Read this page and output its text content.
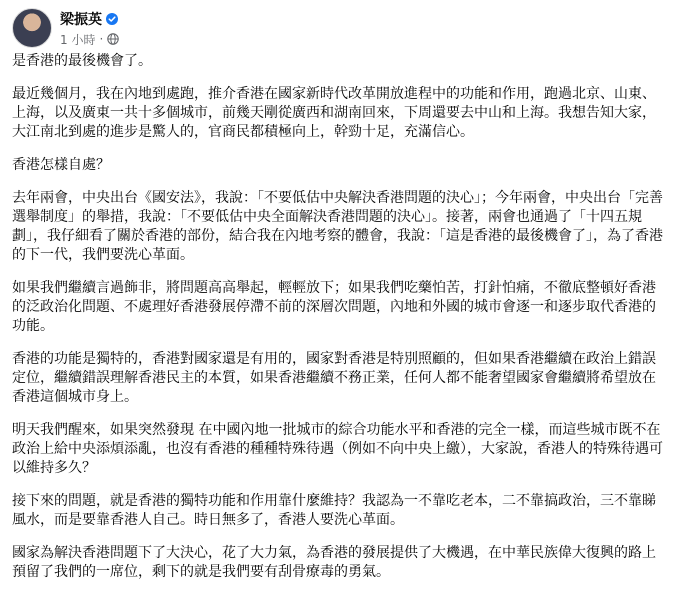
梁振英
1 小時 ·

是香港的最後機會了。

最近幾個月，我在內地到處跑，推介香港在國家新時代改革開放進程中的功能和作用，跑過北京、山東、上海，以及廣東一共十多個城市，前幾天剛從廣西和湖南回來，下周還要去中山和上海。我想告知大家，大江南北到處的進步是驚人的，官商民都積極向上，幹勁十足，充滿信心。

香港怎樣自處？

去年兩會，中央出台《國安法》，我說：「不要低估中央解決香港問題的決心」；今年兩會，中央出台「完善選舉制度」的舉措，我說：「不要低估中央全面解決香港問題的決心」。接著，兩會也通過了「十四五規劃」，我仔細看了關於香港的部份，結合我在內地考察的體會，我說：「這是香港的最後機會了」，為了香港的下一代，我們要洗心革面。

如果我們繼續言過飾非，將問題高高舉起，輕輕放下；如果我們吃藥怕苦，打針怕痛，不徹底整頓好香港的泛政治化問題、不處理好香港發展停滯不前的深層次問題，內地和外國的城市會逐一和逐步取代香港的功能。

香港的功能是獨特的，香港對國家還是有用的，國家對香港是特別照顧的，但如果香港繼續在政治上錯誤定位，繼續錯誤理解香港民主的本質，如果香港繼續不務正業，任何人都不能奢望國家會繼續將希望放在香港這個城市身上。

明天我們醒來，如果突然發現 在中國內地一批城市的綜合功能水平和香港的完全一樣，而這些城市既不在政治上給中央添煩添亂，也沒有香港的種種特殊待遇（例如不向中央上繳），大家說，香港人的特殊待遇可以維持多久？

接下來的問題，就是香港的獨特功能和作用靠什麼維持？我認為一不靠吃老本，二不靠搞政治，三不靠睇風水，而是要靠香港人自己。時日無多了，香港人要洗心革面。

國家為解決香港問題下了大決心，花了大力氣，為香港的發展提供了大機遇，在中華民族偉大復興的路上預留了我們的一席位，剩下的就是我們要有刮骨療毒的勇氣。
